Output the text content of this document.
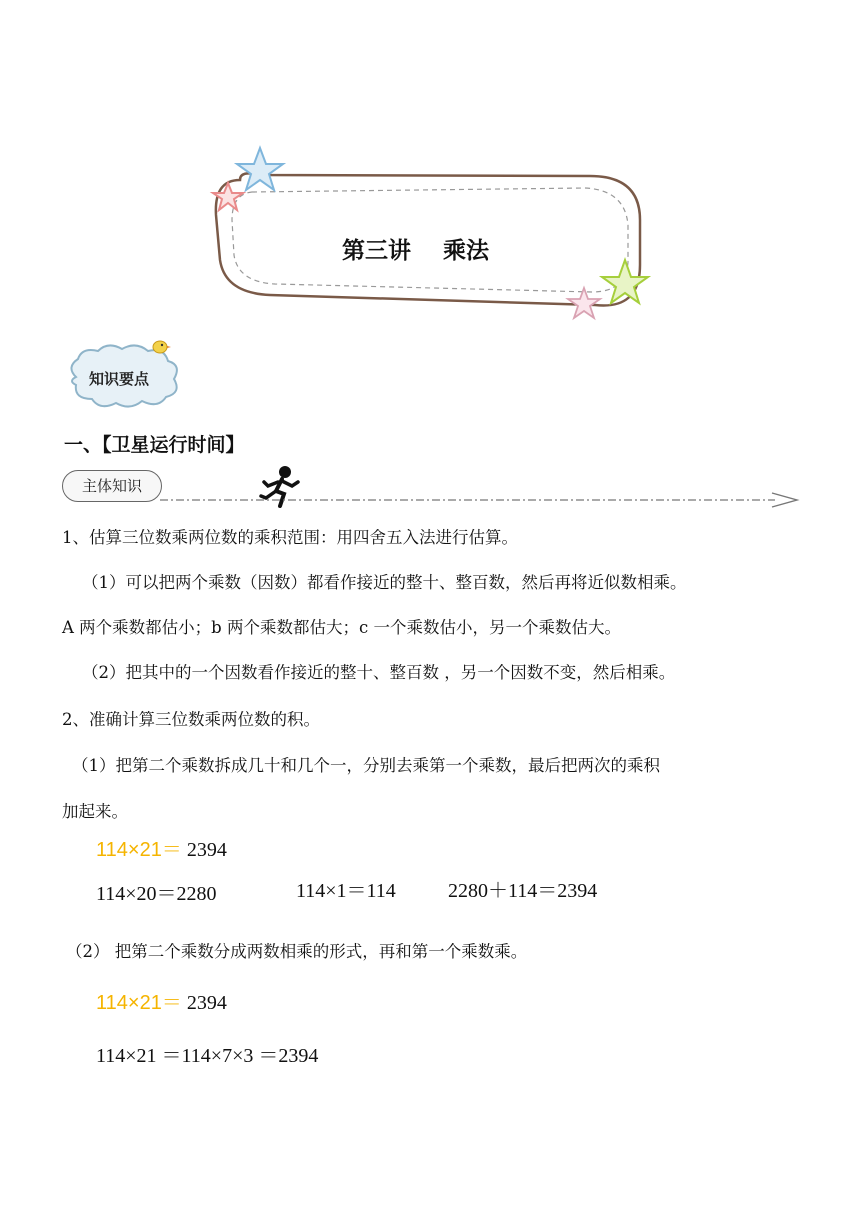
第三讲    乘法
知识要点
一、【卫星运行时间】
主体知识
1、估算三位数乘两位数的乘积范围：用四舍五入法进行估算。
（1）可以把两个乘数（因数）都看作接近的整十、整百数，然后再将近似数相乘。
A 两个乘数都估小；b 两个乘数都估大；c 一个乘数估小，另一个乘数估大。
（2）把其中的一个因数看作接近的整十、整百数 ，另一个因数不变，然后相乘。
2、准确计算三位数乘两位数的积。
（1）把第二个乘数拆成几十和几个一，分别去乘第一个乘数，最后把两次的乘积
加起来。
114×21＝ 2394
114×20＝2280	114×1＝114	2280＋114＝2394
（2） 把第二个乘数分成两数相乘的形式，再和第一个乘数乘。
114×21＝ 2394
114×21 ＝114×7×3 ＝2394
